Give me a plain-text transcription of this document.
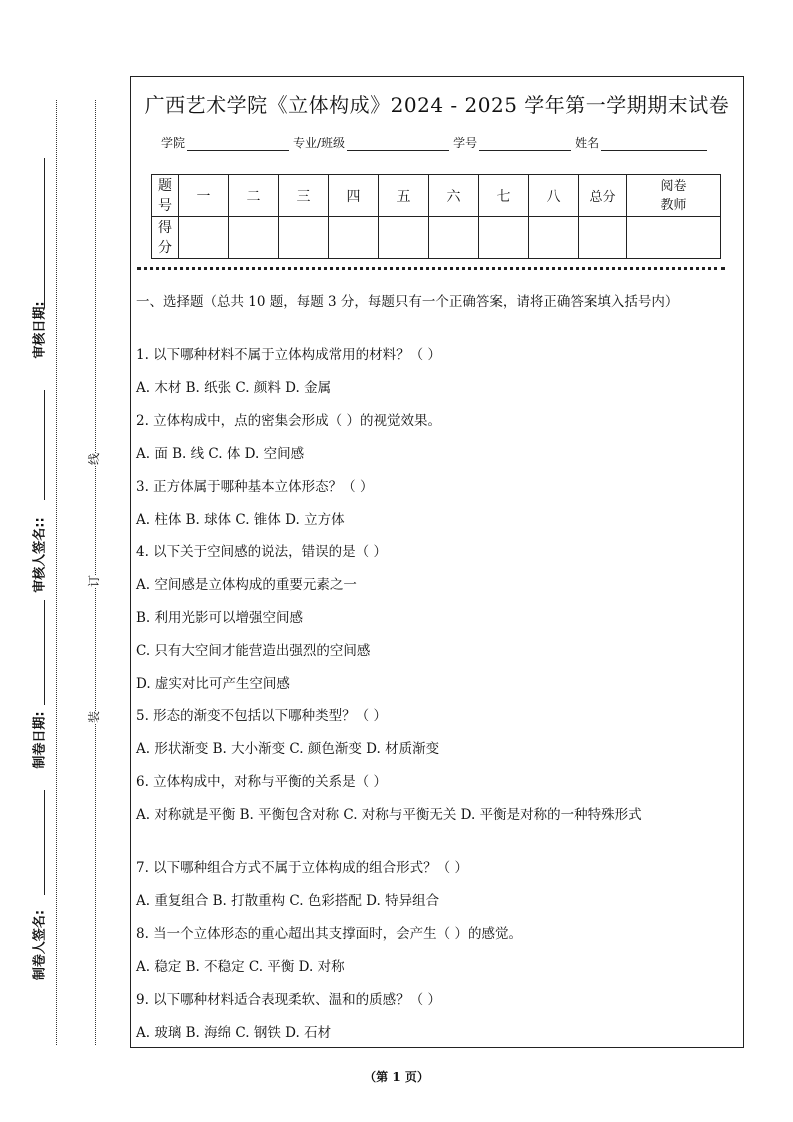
审核日期:
审核人签名::
制卷日期:
制卷人签名:
线
订
装
广西艺术学院《立体构成》2024 - 2025 学年第一学期期末试卷
学院	专业/班级	学号	姓名
题号	一	二	三	四	五	六	七	八	总分	阅卷教师
得分										
一、选择题（总共 10 题，每题 3 分，每题只有一个正确答案，请将正确答案填入括号内）
1. 以下哪种材料不属于立体构成常用的材料？（ ）
A. 木材 B. 纸张 C. 颜料 D. 金属
2. 立体构成中，点的密集会形成（ ）的视觉效果。
A. 面 B. 线 C. 体 D. 空间感
3. 正方体属于哪种基本立体形态？（ ）
A. 柱体 B. 球体 C. 锥体 D. 立方体
4. 以下关于空间感的说法，错误的是（ ）
A. 空间感是立体构成的重要元素之一
B. 利用光影可以增强空间感
C. 只有大空间才能营造出强烈的空间感
D. 虚实对比可产生空间感
5. 形态的渐变不包括以下哪种类型？（ ）
A. 形状渐变 B. 大小渐变 C. 颜色渐变 D. 材质渐变
6. 立体构成中，对称与平衡的关系是（ ）
A. 对称就是平衡 B. 平衡包含对称 C. 对称与平衡无关 D. 平衡是对称的一种特殊形式
7. 以下哪种组合方式不属于立体构成的组合形式？（ ）
A. 重复组合 B. 打散重构 C. 色彩搭配 D. 特异组合
8. 当一个立体形态的重心超出其支撑面时，会产生（ ）的感觉。
A. 稳定 B. 不稳定 C. 平衡 D. 对称
9. 以下哪种材料适合表现柔软、温和的质感？（ ）
A. 玻璃 B. 海绵 C. 钢铁 D. 石材
（第 1 页）
